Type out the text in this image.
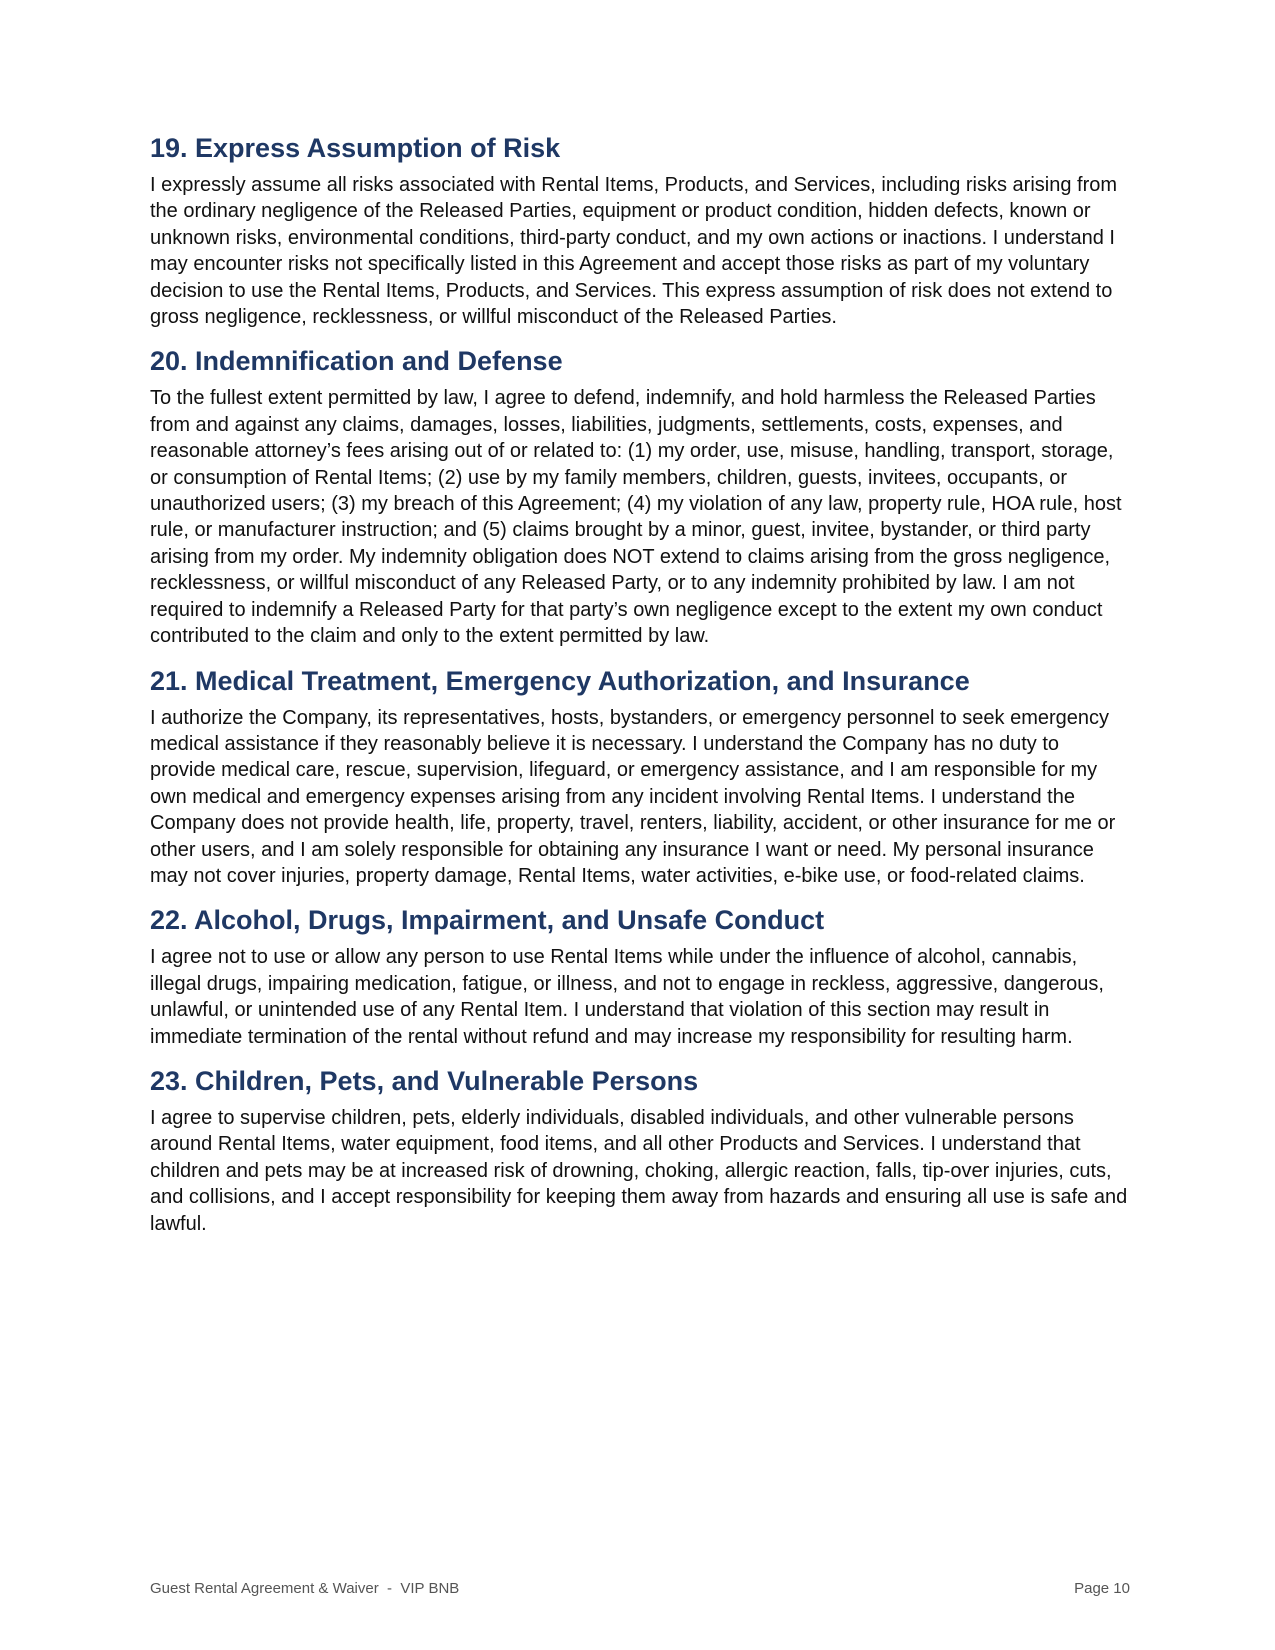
19. Express Assumption of Risk

I expressly assume all risks associated with Rental Items, Products, and Services, including risks arising from the ordinary negligence of the Released Parties, equipment or product condition, hidden defects, known or unknown risks, environmental conditions, third-party conduct, and my own actions or inactions. I understand I may encounter risks not specifically listed in this Agreement and accept those risks as part of my voluntary decision to use the Rental Items, Products, and Services. This express assumption of risk does not extend to gross negligence, recklessness, or willful misconduct of the Released Parties.

20. Indemnification and Defense

To the fullest extent permitted by law, I agree to defend, indemnify, and hold harmless the Released Parties from and against any claims, damages, losses, liabilities, judgments, settlements, costs, expenses, and reasonable attorney’s fees arising out of or related to: (1) my order, use, misuse, handling, transport, storage, or consumption of Rental Items; (2) use by my family members, children, guests, invitees, occupants, or unauthorized users; (3) my breach of this Agreement; (4) my violation of any law, property rule, HOA rule, host rule, or manufacturer instruction; and (5) claims brought by a minor, guest, invitee, bystander, or third party arising from my order. My indemnity obligation does NOT extend to claims arising from the gross negligence, recklessness, or willful misconduct of any Released Party, or to any indemnity prohibited by law. I am not required to indemnify a Released Party for that party’s own negligence except to the extent my own conduct contributed to the claim and only to the extent permitted by law.

21. Medical Treatment, Emergency Authorization, and Insurance

I authorize the Company, its representatives, hosts, bystanders, or emergency personnel to seek emergency medical assistance if they reasonably believe it is necessary. I understand the Company has no duty to provide medical care, rescue, supervision, lifeguard, or emergency assistance, and I am responsible for my own medical and emergency expenses arising from any incident involving Rental Items. I understand the Company does not provide health, life, property, travel, renters, liability, accident, or other insurance for me or other users, and I am solely responsible for obtaining any insurance I want or need. My personal insurance may not cover injuries, property damage, Rental Items, water activities, e-bike use, or food-related claims.

22. Alcohol, Drugs, Impairment, and Unsafe Conduct

I agree not to use or allow any person to use Rental Items while under the influence of alcohol, cannabis, illegal drugs, impairing medication, fatigue, or illness, and not to engage in reckless, aggressive, dangerous, unlawful, or unintended use of any Rental Item. I understand that violation of this section may result in immediate termination of the rental without refund and may increase my responsibility for resulting harm.

23. Children, Pets, and Vulnerable Persons

I agree to supervise children, pets, elderly individuals, disabled individuals, and other vulnerable persons around Rental Items, water equipment, food items, and all other Products and Services. I understand that children and pets may be at increased risk of drowning, choking, allergic reaction, falls, tip-over injuries, cuts, and collisions, and I accept responsibility for keeping them away from hazards and ensuring all use is safe and lawful.

Guest Rental Agreement & Waiver  -  VIP BNB	Page 10
